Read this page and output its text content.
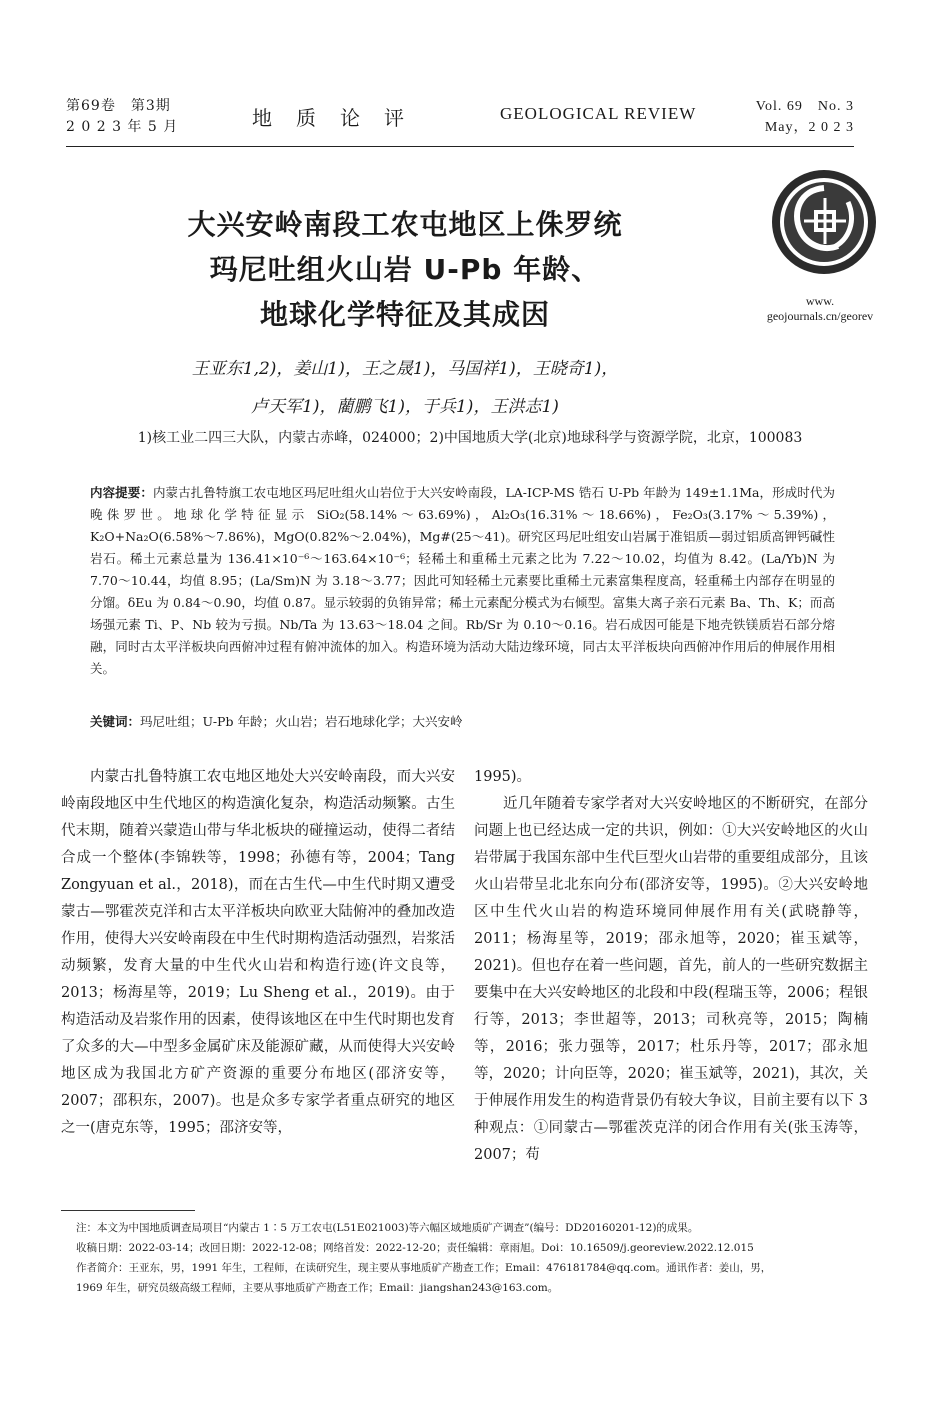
第69卷　第3期
2 0 2 3 年 5 月	地质论评	GEOLOGICAL REVIEW	Vol. 69　No. 3
May，2 0 2 3
www.
geojournals.cn/georev
大兴安岭南段工农屯地区上侏罗统
玛尼吐组火山岩 U-Pb 年龄、
地球化学特征及其成因
王亚东1,2)，姜山1)，王之晟1)，马国祥1)，王晓奇1)，
卢天军1)，藺鹏飞1)，于兵1)，王洪志1)
1)核工业二四三大队，内蒙古赤峰，024000；2)中国地质大学(北京)地球科学与资源学院，北京，100083
内容提要：内蒙古扎鲁特旗工农屯地区玛尼吐组火山岩位于大兴安岭南段，LA-ICP-MS 锆石 U-Pb 年龄为 149±1.1Ma，形成时代为晚侏罗世。地球化学特征显示 SiO₂(58.14%～63.69%)，Al₂O₃(16.31%～18.66%)，Fe₂O₃(3.17%～5.39%)，K₂O+Na₂O(6.58%～7.86%)，MgO(0.82%～2.04%)，Mg#(25～41)。研究区玛尼吐组安山岩属于准铝质—弱过铝质高钾钙碱性岩石。稀土元素总量为 136.41×10⁻⁶～163.64×10⁻⁶；轻稀土和重稀土元素之比为 7.22～10.02，均值为 8.42。(La/Yb)N 为 7.70～10.44，均值 8.95；(La/Sm)N 为 3.18～3.77；因此可知轻稀土元素要比重稀土元素富集程度高，轻重稀土内部存在明显的分馏。δEu 为 0.84～0.90，均值 0.87。显示较弱的负铕异常；稀土元素配分模式为右倾型。富集大离子亲石元素 Ba、Th、K；而高场强元素 Ti、P、Nb 较为亏损。Nb/Ta 为 13.63～18.04 之间。Rb/Sr 为 0.10～0.16。岩石成因可能是下地壳铁镁质岩石部分熔融，同时古太平洋板块向西俯冲过程有俯冲流体的加入。构造环境为活动大陆边缘环境，同古太平洋板块向西俯冲作用后的伸展作用相关。
关键词：玛尼吐组；U-Pb 年龄；火山岩；岩石地球化学；大兴安岭

内蒙古扎鲁特旗工农屯地区地处大兴安岭南段，而大兴安岭南段地区中生代地区的构造演化复杂，构造活动频繁。古生代末期，随着兴蒙造山带与华北板块的碰撞运动，使得二者结合成一个整体(李锦轶等，1998；孙德有等，2004；Tang Zongyuan et al.，2018)，而在古生代—中生代时期又遭受蒙古—鄂霍茨克洋和古太平洋板块向欧亚大陆俯冲的叠加改造作用，使得大兴安岭南段在中生代时期构造活动强烈，岩浆活动频繁，发育大量的中生代火山岩和构造行迹(许文良等，2013；杨海星等，2019；Lu Sheng et al.，2019)。由于构造活动及岩浆作用的因素，使得该地区在中生代时期也发育了众多的大—中型多金属矿床及能源矿藏，从而使得大兴安岭地区成为我国北方矿产资源的重要分布地区(邵济安等，2007；邵积东，2007)。也是众多专家学者重点研究的地区之一(唐克东等，1995；邵济安等，

1995)。

近几年随着专家学者对大兴安岭地区的不断研究，在部分问题上也已经达成一定的共识，例如：①大兴安岭地区的火山岩带属于我国东部中生代巨型火山岩带的重要组成部分，且该火山岩带呈北北东向分布(邵济安等，1995)。②大兴安岭地区中生代火山岩的构造环境同伸展作用有关(武晓静等，2011；杨海星等，2019；邵永旭等，2020；崔玉斌等，2021)。但也存在着一些问题，首先，前人的一些研究数据主要集中在大兴安岭地区的北段和中段(程瑞玉等，2006；程银行等，2013；李世超等，2013；司秋亮等，2015；陶楠等，2016；张力强等，2017；杜乐丹等，2017；邵永旭等，2020；计向臣等，2020；崔玉斌等，2021)，其次，关于伸展作用发生的构造背景仍有较大争议，目前主要有以下 3 种观点：①同蒙古—鄂霍茨克洋的闭合作用有关(张玉涛等，2007；苟

注：本文为中国地质调查局项目“内蒙古 1∶5 万工农屯(L51E021003)等六幅区域地质矿产调查”(编号：DD20160201-12)的成果。
收稿日期：2022-03-14；改回日期：2022-12-08；网络首发：2022-12-20；责任编辑：章雨旭。Doi：10.16509/j.georeview.2022.12.015
作者简介：王亚东，男，1991 年生，工程师，在读研究生，现主要从事地质矿产勘查工作；Email：476181784@qq.com。通讯作者：姜山，男，
1969 年生，研究员级高级工程师，主要从事地质矿产勘查工作；Email：jiangshan243@163.com。
